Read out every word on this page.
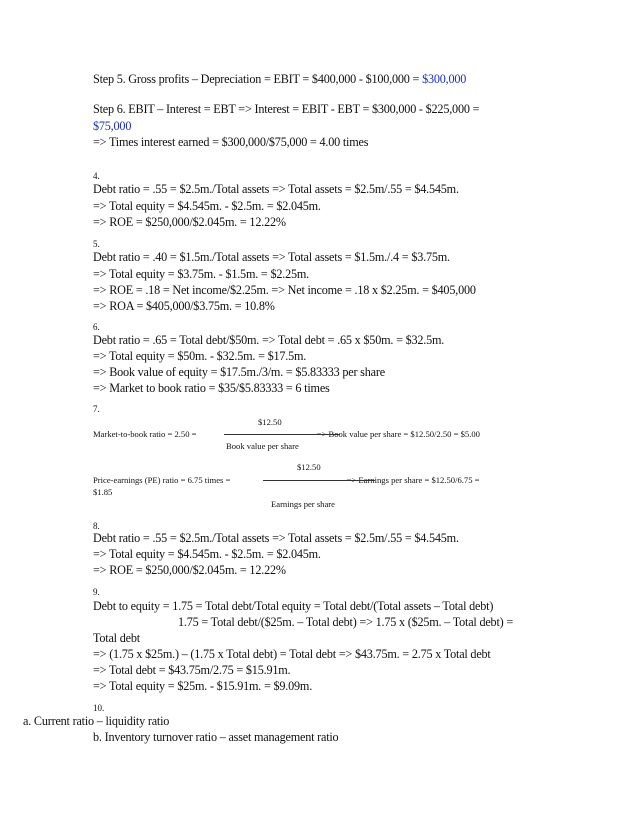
Step 5. Gross profits – Depreciation = EBIT = $400,000 - $100,000 = $300,000

Step 6. EBIT – Interest = EBT => Interest = EBIT - EBT = $300,000 - $225,000 =

$75,000

=> Times interest earned = $300,000/$75,000 = 4.00 times

4.

Debt ratio = .55 = $2.5m./Total assets => Total assets = $2.5m/.55 = $4.545m.

=> Total equity = $4.545m. - $2.5m. = $2.045m.

=> ROE = $250,000/$2.045m. = 12.22%

5.

Debt ratio = .40 = $1.5m./Total assets => Total assets = $1.5m./.4 = $3.75m.

=> Total equity = $3.75m. - $1.5m. = $2.25m.

=> ROE = .18 = Net income/$2.25m. => Net income = .18 x $2.25m. = $405,000

=> ROA = $405,000/$3.75m. = 10.8%

6.

Debt ratio = .65 = Total debt/$50m. => Total debt = .65 x $50m. = $32.5m.

=> Total equity = $50m. - $32.5m. = $17.5m.

=> Book value of equity = $17.5m./3/m. = $5.83333 per share

=> Market to book ratio = $35/$5.83333 = 6 times

7.

$12.50

Market-to-book ratio = 2.50 =	=> Book value per share = $12.50/2.50 = $5.00

Book value per share

$12.50

Price-earnings (PE) ratio = 6.75 times =	=> Earnings per share = $12.50/6.75 =

$1.85

Earnings per share

8.

Debt ratio = .55 = $2.5m./Total assets => Total assets = $2.5m/.55 = $4.545m.

=> Total equity = $4.545m. - $2.5m. = $2.045m.

=> ROE = $250,000/$2.045m. = 12.22%

9.

Debt to equity = 1.75 = Total debt/Total equity = Total debt/(Total assets – Total debt)

1.75 = Total debt/($25m. – Total debt) => 1.75 x ($25m. – Total debt) =

Total debt

=> (1.75 x $25m.) – (1.75 x Total debt) = Total debt => $43.75m. = 2.75 x Total debt

=> Total debt = $43.75m/2.75 = $15.91m.

=> Total equity = $25m. - $15.91m. = $9.09m.

10.

a. Current ratio – liquidity ratio

b. Inventory turnover ratio – asset management ratio
